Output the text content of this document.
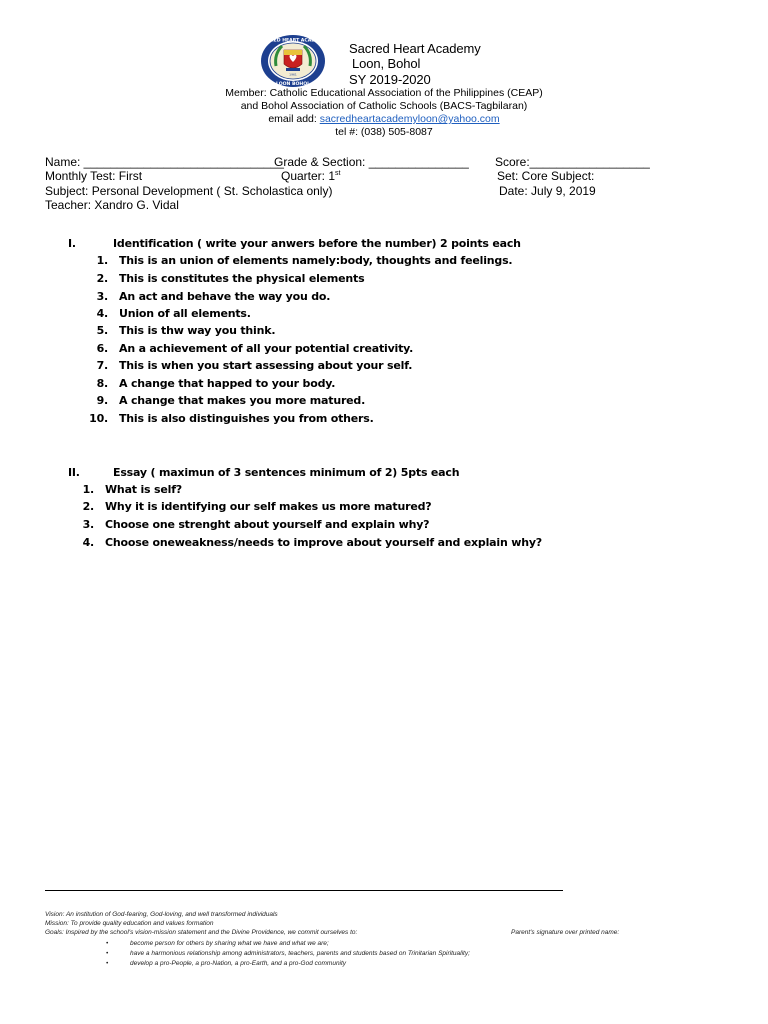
SACRED HEART ACADEMY
LOON BOHOL
1961
Sacred Heart Academy
Loon, Bohol
SY 2019-2020
Member: Catholic Educational Association of the Philippines (CEAP)
and Bohol Association of Catholic Schools (BACS-Tagbilaran)
email add: sacredheartacademyloon@yahoo.com
tel #: (038) 505-8087
Name: ______________________________
Grade & Section: _______________ Score:__________________
Monthly Test: First	Quarter: 1st	Set: Core Subject:
Subject: Personal Development ( St. Scholastica only)	Date: July 9, 2019
Teacher: Xandro G. Vidal
I.	Identification ( write your anwers before the number) 2 points each
1. This is an union of elements namely:body, thoughts and feelings.
2. This is constitutes the physical elements
3. An act and behave the way you do.
4. Union of all elements.
5. This is thw way you think.
6. An a achievement of all your potential creativity.
7. This is when you start assessing about your self.
8. A change that happed to your body.
9. A change that makes you more matured.
10. This is also distinguishes you from others.
II.	Essay ( maximun of 3 sentences minimum of 2) 5pts each
1. What is self?
2. Why it is identifying our self makes us more matured?
3. Choose one strenght about yourself and explain why?
4. Choose oneweakness/needs to improve about yourself and explain why?
Vision: An institution of God-fearing, God-loving, and well transformed individuals
Mission: To provide quality education and values formation
Goals: Inspired by the school's vision-mission statement and the Divine Providence, we commit ourselves to:	Parent's signature over printed name:
•	become person for others by sharing what we have and what we are;
•	have a harmonious relationship among administrators, teachers, parents and students based on Trinitarian Spirituality;
•	develop a pro-People, a pro-Nation, a pro-Earth, and a pro-God community
